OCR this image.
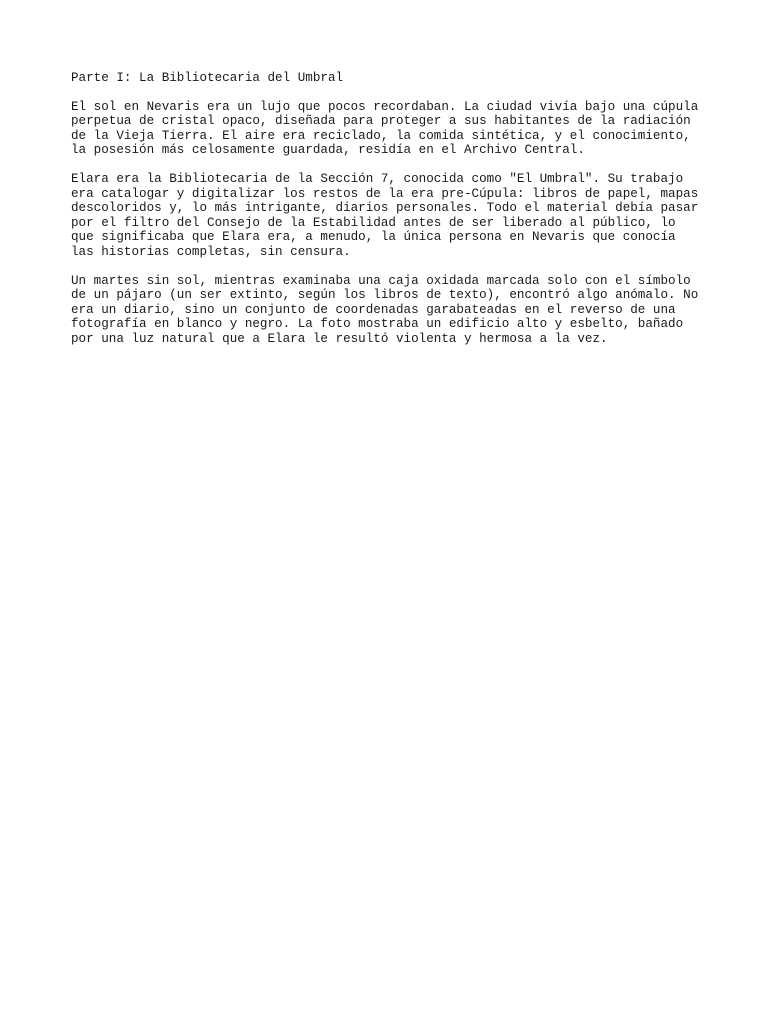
Parte I: La Bibliotecaria del Umbral

El sol en Nevaris era un lujo que pocos recordaban. La ciudad vivía bajo una cúpula
perpetua de cristal opaco, diseñada para proteger a sus habitantes de la radiación
de la Vieja Tierra. El aire era reciclado, la comida sintética, y el conocimiento,
la posesión más celosamente guardada, residía en el Archivo Central.

Elara era la Bibliotecaria de la Sección 7, conocida como "El Umbral". Su trabajo
era catalogar y digitalizar los restos de la era pre-Cúpula: libros de papel, mapas
descoloridos y, lo más intrigante, diarios personales. Todo el material debía pasar
por el filtro del Consejo de la Estabilidad antes de ser liberado al público, lo
que significaba que Elara era, a menudo, la única persona en Nevaris que conocía
las historias completas, sin censura.

Un martes sin sol, mientras examinaba una caja oxidada marcada solo con el símbolo
de un pájaro (un ser extinto, según los libros de texto), encontró algo anómalo. No
era un diario, sino un conjunto de coordenadas garabateadas en el reverso de una
fotografía en blanco y negro. La foto mostraba un edificio alto y esbelto, bañado
por una luz natural que a Elara le resultó violenta y hermosa a la vez.
